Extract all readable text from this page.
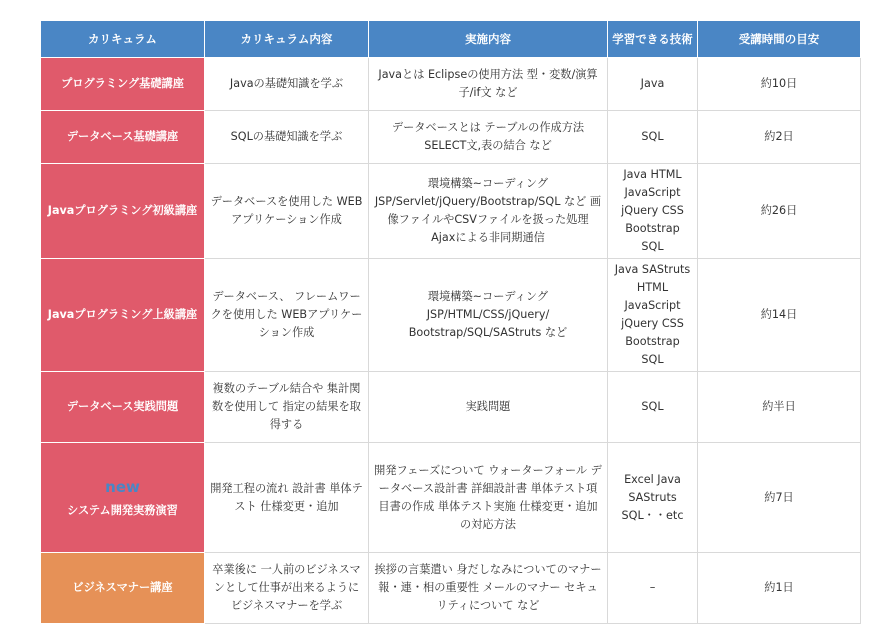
カリキュラム	カリキュラム内容	実施内容	学習できる技術	受講時間の目安
プログラミング基礎講座	Javaの基礎知識を学ぶ	Javaとは Eclipseの使用方法 型・変数/演算子/if文 など	Java	約10日
データベース基礎講座	SQLの基礎知識を学ぶ	データベースとは テーブルの作成方法 SELECT文,表の結合 など	SQL	約2日
Javaプログラミング初級講座	データベースを使用した WEBアプリケーション作成	環境構築~コーディング JSP/Servlet/jQuery/Bootstrap/SQL など 画像ファイルやCSVファイルを扱った処理 Ajaxによる非同期通信	Java HTML JavaScript jQuery CSS Bootstrap SQL	約26日
Javaプログラミング上級講座	データベース、 フレームワークを使用した WEBアプリケーション作成	環境構築~コーディング JSP/HTML/CSS/jQuery/ Bootstrap/SQL/SAStruts など	Java SAStruts HTML JavaScript jQuery CSS Bootstrap SQL	約14日
データベース実践問題	複数のテーブル結合や 集計関数を使用して 指定の結果を取得する	実践問題	SQL	約半日

new
システム開発実務演習	開発工程の流れ 設計書 単体テスト 仕様変更・追加	開発フェーズについて ウォーターフォール データベース設計書 詳細設計書 単体テスト項目書の作成 単体テスト実施 仕様変更・追加の対応方法	Excel Java SAStruts SQL・・etc	約7日
ビジネスマナー講座	卒業後に 一人前のビジネスマンとして仕事が出来るように ビジネスマナーを学ぶ	挨拶の言葉遣い 身だしなみについてのマナー 報・連・相の重要性 メールのマナー セキュリティについて など	–	約1日
